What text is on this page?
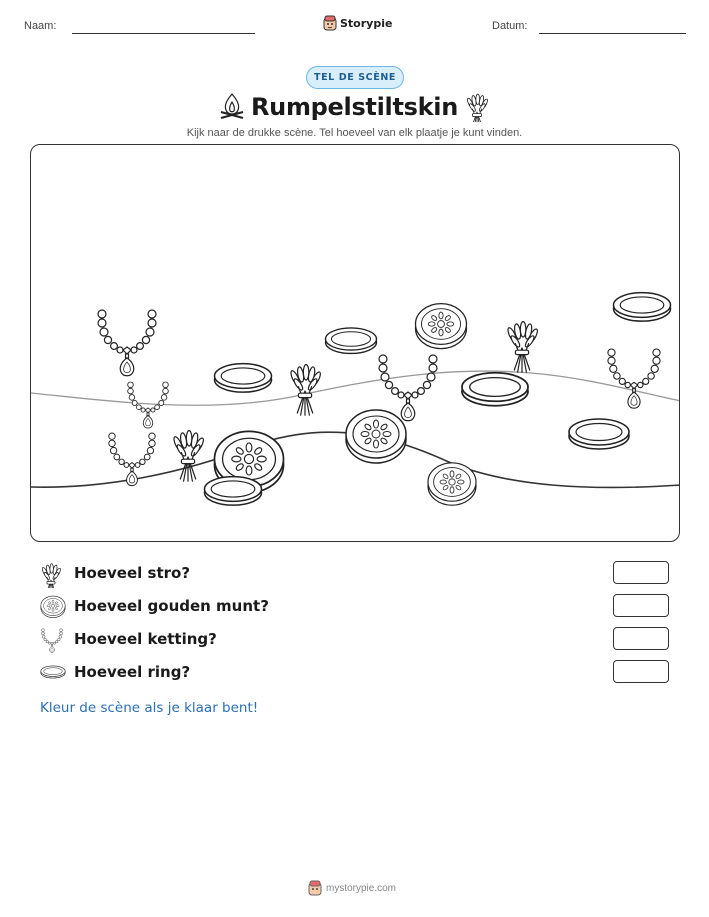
Naam:	Datum:
Storypie
TEL DE SCÈNE
Rumpelstiltskin
Kijk naar de drukke scène. Tel hoeveel van elk plaatje je kunt vinden.
Hoeveel stro?
Hoeveel gouden munt?
Hoeveel ketting?
Hoeveel ring?
Kleur de scène als je klaar bent!
mystorypie.com
